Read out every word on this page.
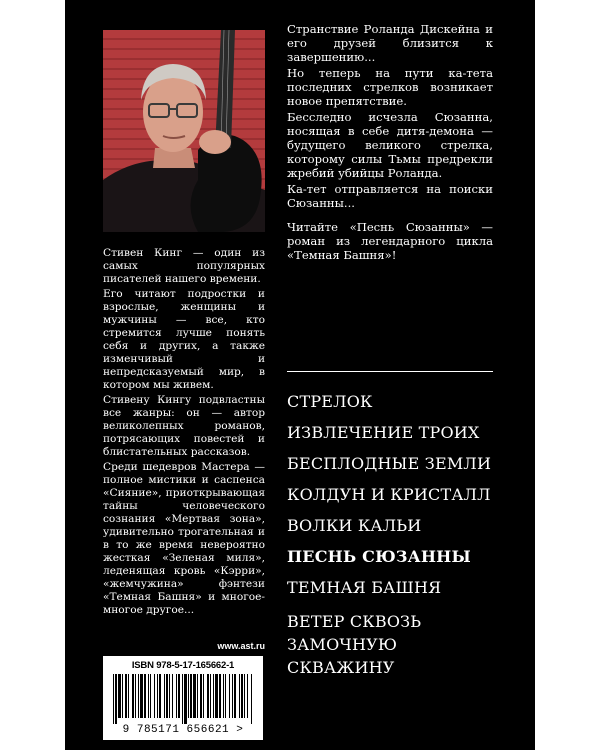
Стивен Кинг — один из самых популярных писателей нашего времени.

Его читают подростки и взрослые, женщины и мужчины — все, кто стремится лучше понять себя и других, а также изменчивый и непредсказуемый мир, в котором мы живем.

Стивену Кингу подвластны все жанры: он — автор великолепных романов, потрясающих повестей и блистательных рассказов.

Среди шедевров Мастера — полное мистики и саспенса «Сияние», приоткрывающая тайны человеческого сознания «Мертвая зона», удивительно трогательная и в то же время невероятно жесткая «Зеленая миля», леденящая кровь «Кэрри», «жемчужина» фэнтези «Темная Башня» и многое-многое другое...

www.ast.ru
ISBN 978-5-17-165662-1
9 785171 656621 >

Странствие Роланда Дискейна и его друзей близится к завершению...

Но теперь на пути ка-тета последних стрелков возникает новое препятствие.

Бесследно исчезла Сюзанна, носящая в себе дитя-демона — будущего великого стрелка, которому силы Тьмы предрекли жребий убийцы Роланда.

Ка-тет отправляется на поиски Сюзанны...

Читайте «Песнь Сюзанны» — роман из легендарного цикла «Темная Башня»!

СТРЕЛОК
ИЗВЛЕЧЕНИЕ ТРОИХ
БЕСПЛОДНЫЕ ЗЕМЛИ
КОЛДУН И КРИСТАЛЛ
ВОЛКИ КАЛЬИ
ПЕСНЬ СЮЗАННЫ
ТЕМНАЯ БАШНЯ
ВЕТЕР СКВОЗЬ
ЗАМОЧНУЮ
СКВАЖИНУ
